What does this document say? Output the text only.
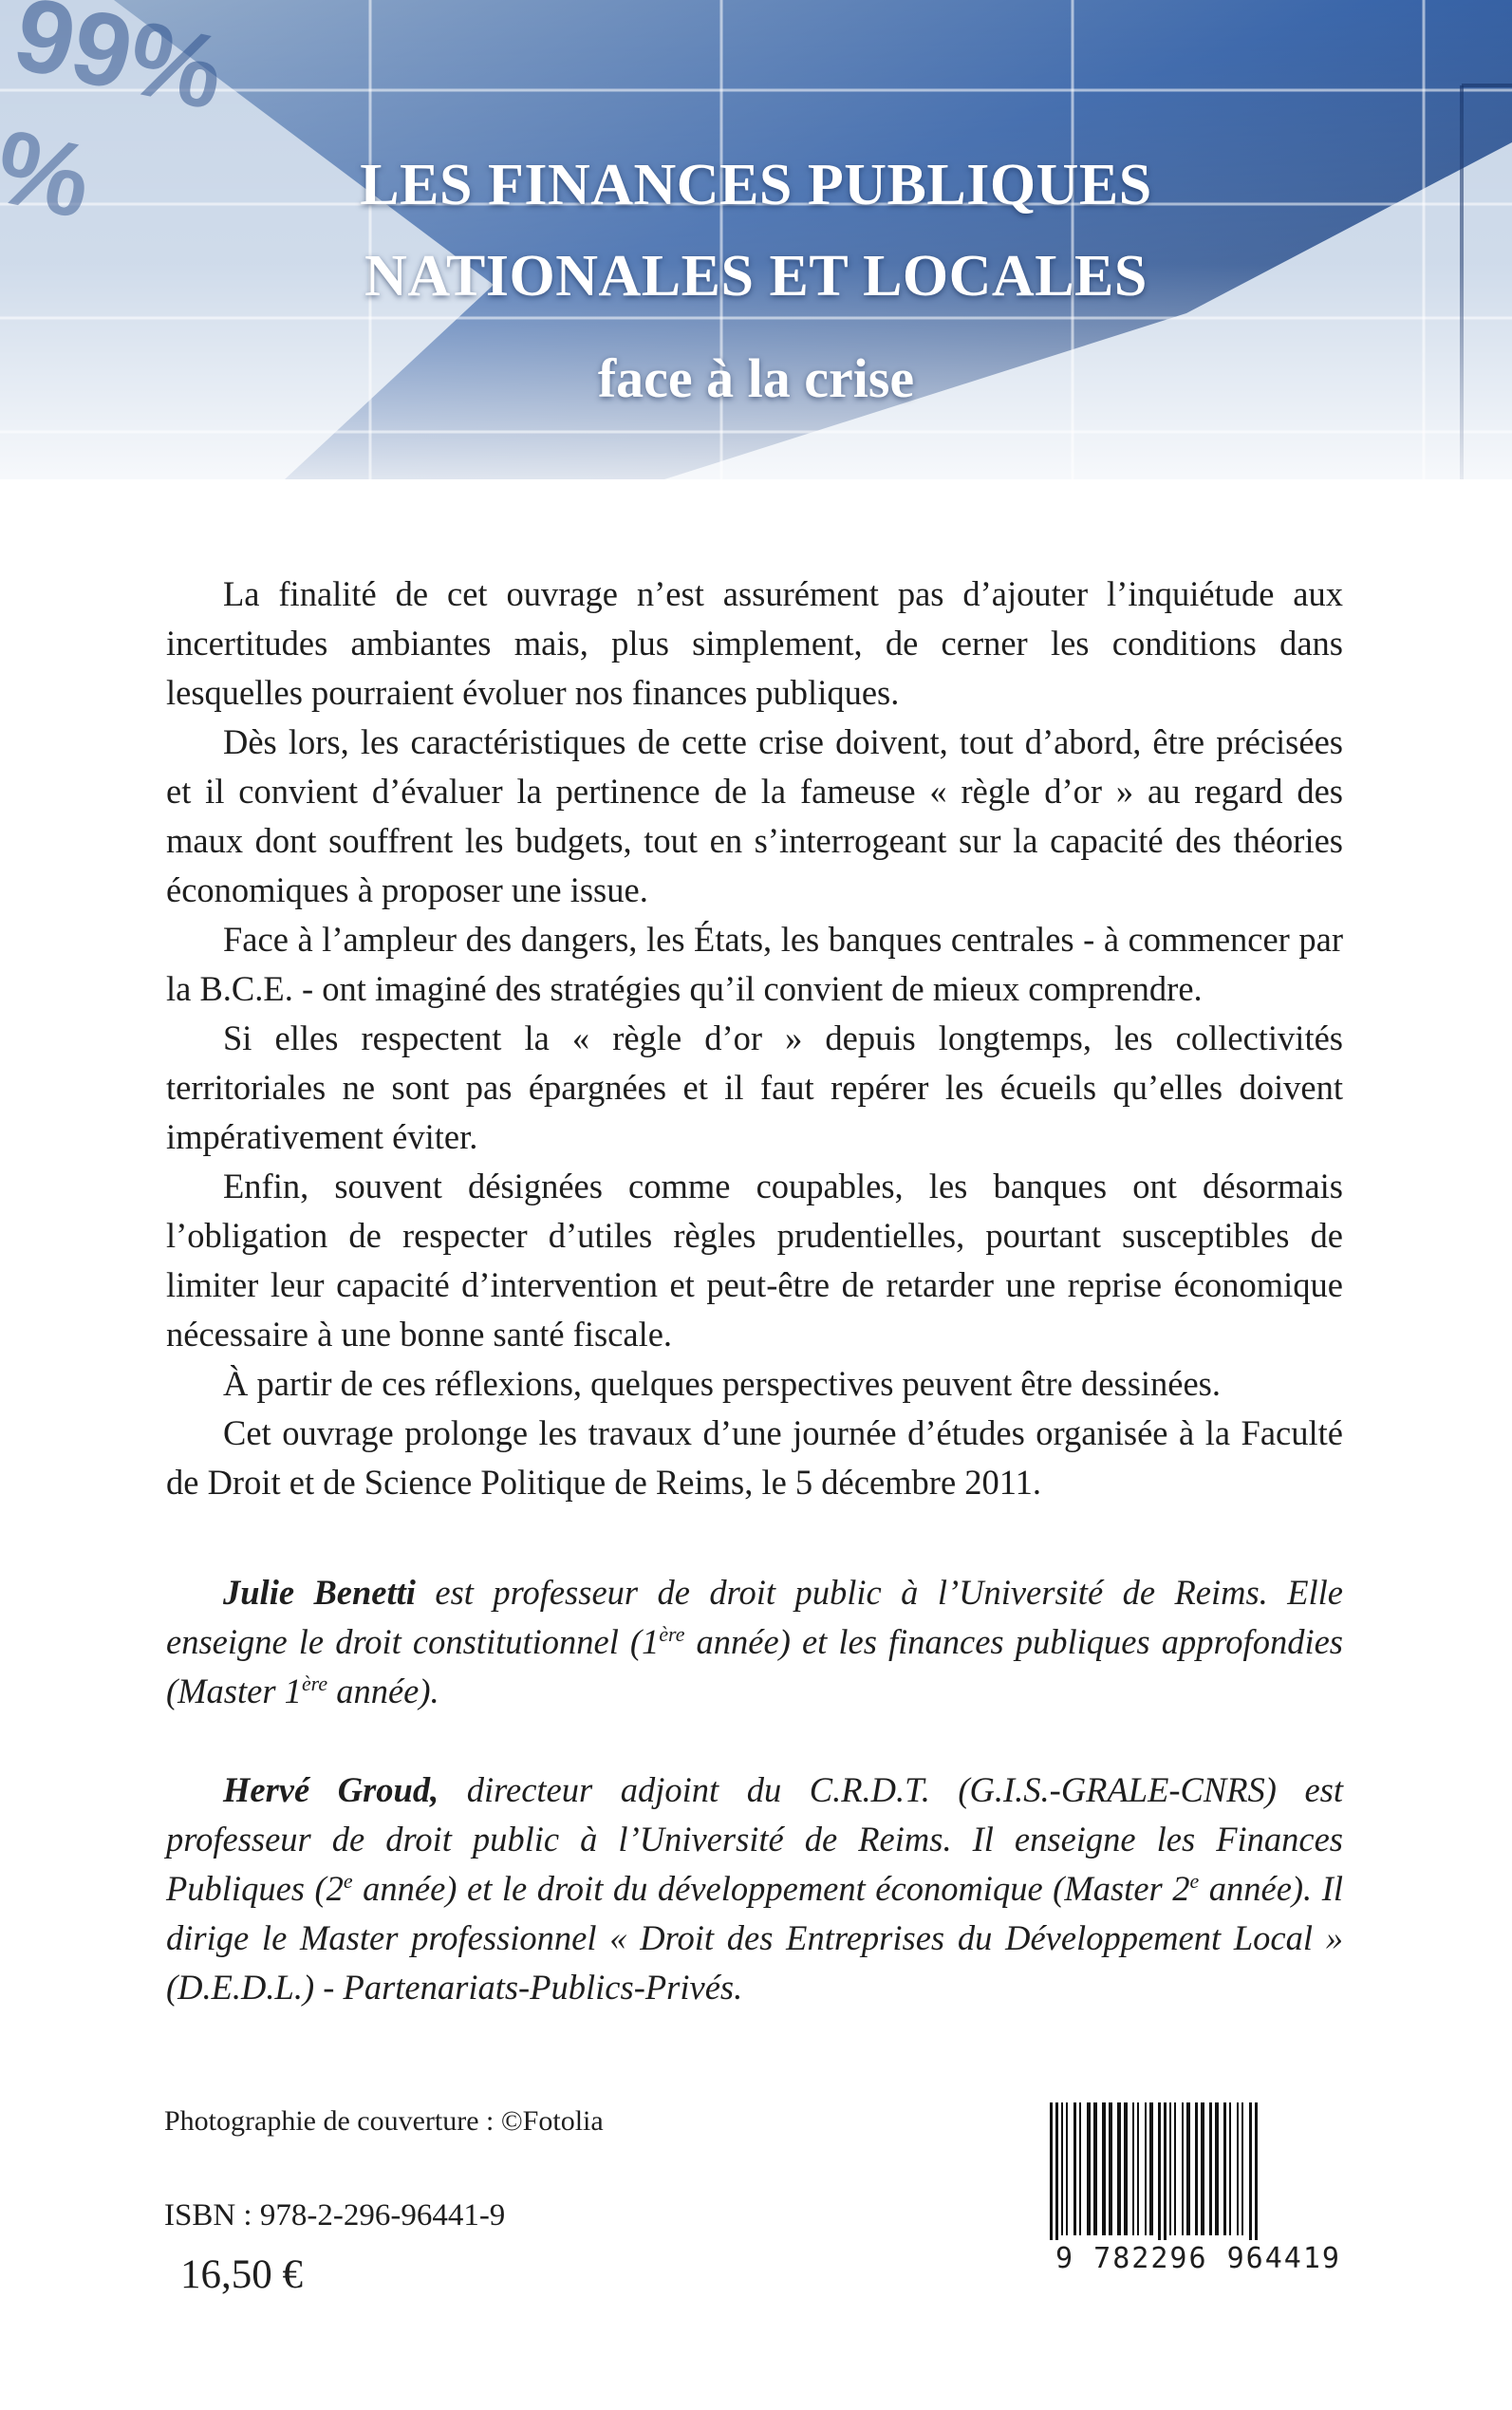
LES FINANCES PUBLIQUES
NATIONALES ET LOCALES
face à la crise

La finalité de cet ouvrage n’est assurément pas d’ajouter l’inquiétude aux incertitudes ambiantes mais, plus simplement, de cerner les conditions dans lesquelles pourraient évoluer nos finances publiques.

Dès lors, les caractéristiques de cette crise doivent, tout d’abord, être précisées et il convient d’évaluer la pertinence de la fameuse « règle d’or » au regard des maux dont souffrent les budgets, tout en s’interrogeant sur la capacité des théories économiques à proposer une issue.

Face à l’ampleur des dangers, les États, les banques centrales - à commencer par la B.C.E. - ont imaginé des stratégies qu’il convient de mieux comprendre.

Si elles respectent la « règle d’or » depuis longtemps, les collectivités territoriales ne sont pas épargnées et il faut repérer les écueils qu’elles doivent impérativement éviter.

Enfin, souvent désignées comme coupables, les banques ont désormais l’obligation de respecter d’utiles règles prudentielles, pourtant susceptibles de limiter leur capacité d’intervention et peut-être de retarder une reprise économique nécessaire à une bonne santé fiscale.

À partir de ces réflexions, quelques perspectives peuvent être dessinées.

Cet ouvrage prolonge les travaux d’une journée d’études organisée à la Faculté de Droit et de Science Politique de Reims, le 5 décembre 2011.

Julie Benetti est professeur de droit public à l’Université de Reims. Elle enseigne le droit constitutionnel (1ère année) et les finances publiques approfondies (Master 1ère année).

Hervé Groud, directeur adjoint du C.R.D.T. (G.I.S.-GRALE-CNRS) est professeur de droit public à l’Université de Reims. Il enseigne les Finances Publiques (2e année) et le droit du développement économique (Master 2e année). Il dirige le Master professionnel « Droit des Entreprises du Développement Local » (D.E.D.L.) - Partenariats-Publics-Privés.

Photographie de couverture : ©Fotolia
ISBN : 978-2-296-96441-9
16,50 €	9 782296 964419
